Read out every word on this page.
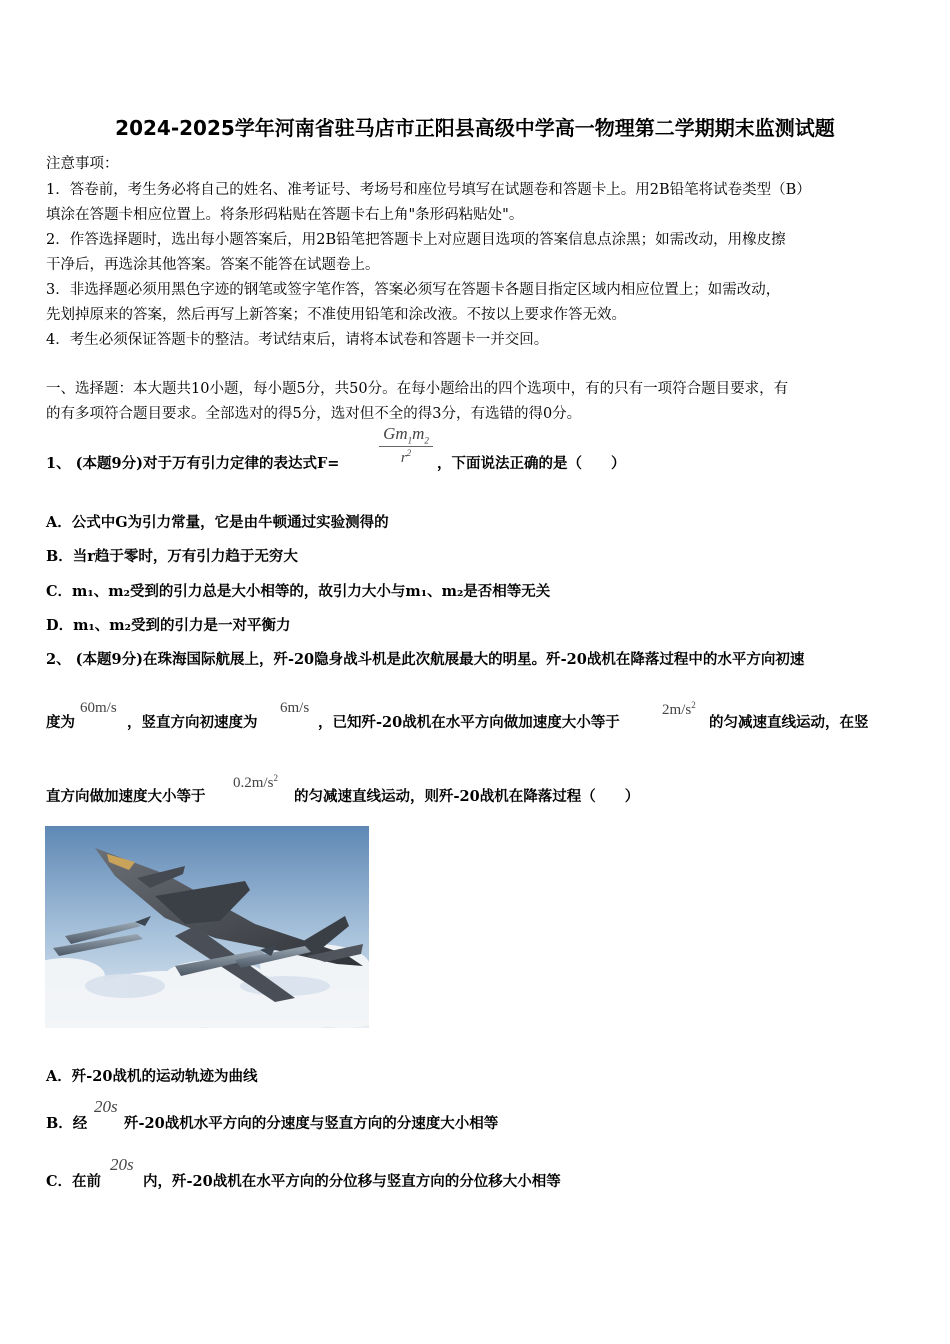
2024-2025学年河南省驻马店市正阳县高级中学高一物理第二学期期末监测试题
注意事项：
1．答卷前，考生务必将自己的姓名、准考证号、考场号和座位号填写在试题卷和答题卡上。用2B铅笔将试卷类型（B）
填涂在答题卡相应位置上。将条形码粘贴在答题卡右上角"条形码粘贴处"。
2．作答选择题时，选出每小题答案后，用2B铅笔把答题卡上对应题目选项的答案信息点涂黑；如需改动，用橡皮擦
干净后，再选涂其他答案。答案不能答在试题卷上。
3．非选择题必须用黑色字迹的钢笔或签字笔作答，答案必须写在答题卡各题目指定区域内相应位置上；如需改动，
先划掉原来的答案，然后再写上新答案；不准使用铅笔和涂改液。不按以上要求作答无效。
4．考生必须保证答题卡的整洁。考试结束后，请将本试卷和答题卡一并交回。
一、选择题：本大题共10小题，每小题5分，共50分。在每小题给出的四个选项中，有的只有一项符合题目要求，有
的有多项符合题目要求。全部选对的得5分，选对但不全的得3分，有选错的得0分。
1、 (本题9分)对于万有引力定律的表达式F=
$Gm_1m_2$
$r^2$
，下面说法正确的是（　　）
A．公式中G为引力常量，它是由牛顿通过实验测得的
B．当r趋于零时，万有引力趋于无穷大
C．m₁、m₂受到的引力总是大小相等的，故引力大小与m₁、m₂是否相等无关
D．m₁、m₂受到的引力是一对平衡力
2、 (本题9分)在珠海国际航展上，歼-20隐身战斗机是此次航展最大的明星。歼-20战机在降落过程中的水平方向初速
度为
60m/s
，竖直方向初速度为
6m/s
，已知歼-20战机在水平方向做加速度大小等于
$2m/s^2$
的匀减速直线运动，在竖
直方向做加速度大小等于
$0.2m/s^2$
的匀减速直线运动，则歼-20战机在降落过程（　　）
A．歼-20战机的运动轨迹为曲线
B．经
20s
歼-20战机水平方向的分速度与竖直方向的分速度大小相等
C．在前
20s
内，歼-20战机在水平方向的分位移与竖直方向的分位移大小相等
